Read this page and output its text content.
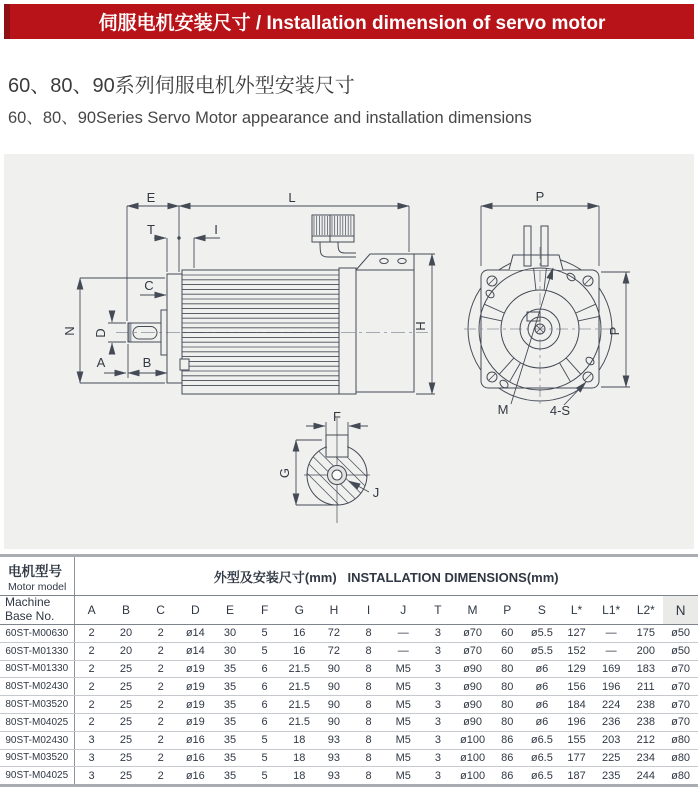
伺服电机安装尺寸 / Installation dimension of servo motor
60、80、90系列伺服电机外型安装尺寸

60、80、90Series Servo Motor appearance and installation dimensions

E	L
T	I
C
N
A	B
D
H
P
P
M	4-S
F
G
J
电机型号
Motor model	外型及安装尺寸(mm)   INSTALLATION DIMENSIONS(mm)																	
Machine
Base No.	A	B	C	D	E	F	G	H	I	J	T	M	P	S	L*	L1*	L2*	N
60ST-M00630	2	20	2	ø14	30	5	16	72	8	—	3	ø70	60	ø5.5	127	—	175	ø50
60ST-M01330	2	20	2	ø14	30	5	16	72	8	—	3	ø70	60	ø5.5	152	—	200	ø50
80ST-M01330	2	25	2	ø19	35	6	21.5	90	8	M5	3	ø90	80	ø6	129	169	183	ø70
80ST-M02430	2	25	2	ø19	35	6	21.5	90	8	M5	3	ø90	80	ø6	156	196	211	ø70
80ST-M03520	2	25	2	ø19	35	6	21.5	90	8	M5	3	ø90	80	ø6	184	224	238	ø70
80ST-M04025	2	25	2	ø19	35	6	21.5	90	8	M5	3	ø90	80	ø6	196	236	238	ø70
90ST-M02430	3	25	2	ø16	35	5	18	93	8	M5	3	ø100	86	ø6.5	155	203	212	ø80
90ST-M03520	3	25	2	ø16	35	5	18	93	8	M5	3	ø100	86	ø6.5	177	225	234	ø80
90ST-M04025	3	25	2	ø16	35	5	18	93	8	M5	3	ø100	86	ø6.5	187	235	244	ø80
